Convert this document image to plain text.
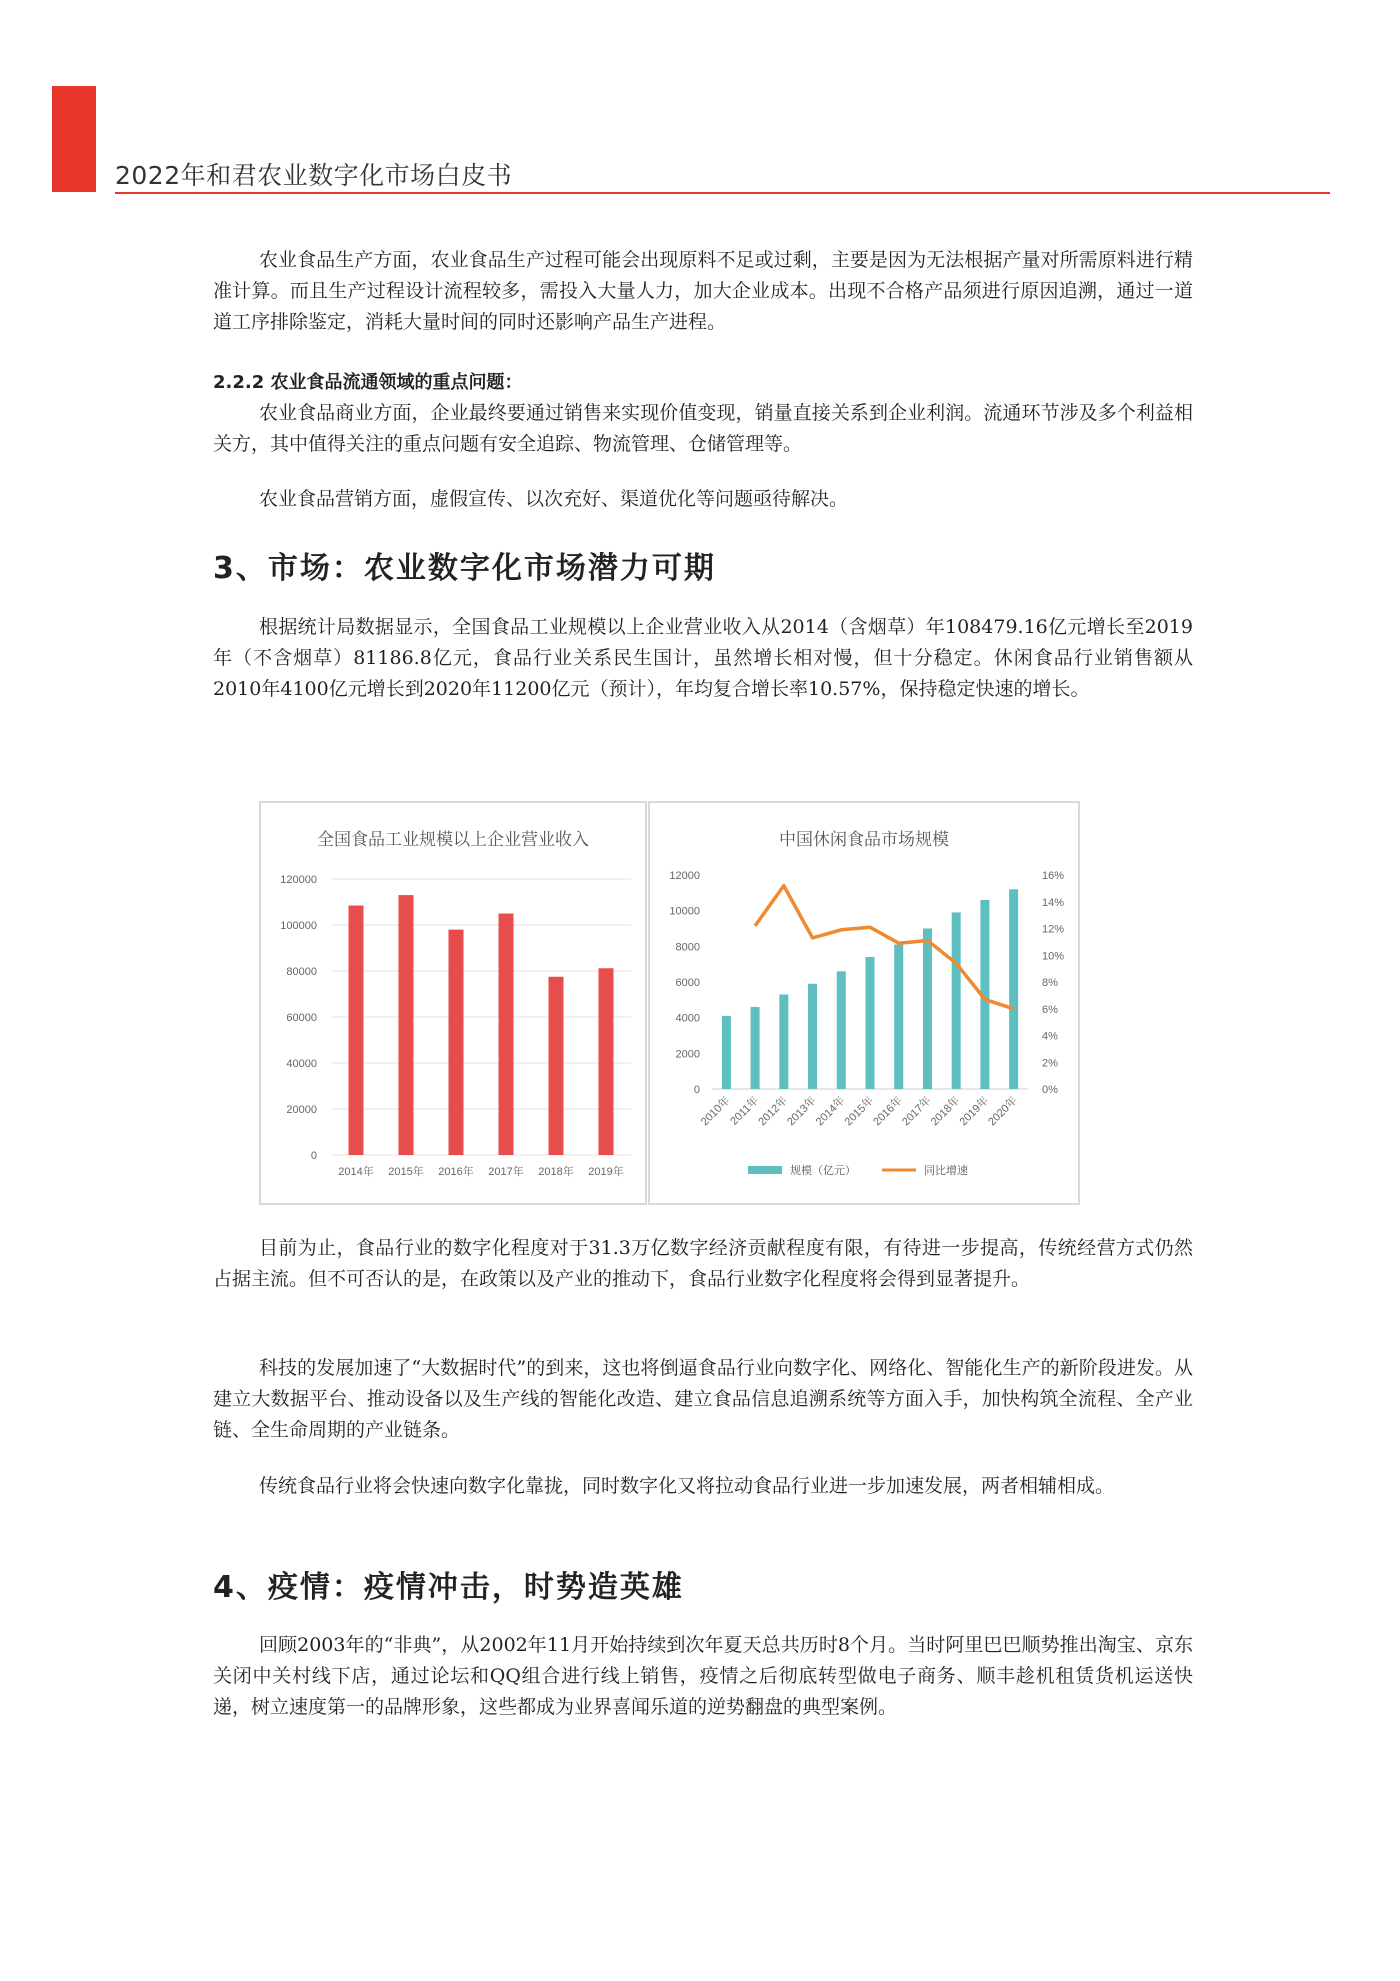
2022年和君农业数字化市场白皮书

农业食品生产方面，农业食品生产过程可能会出现原料不足或过剩，主要是因为无法根据产量对所需原料进行精准计算。而且生产过程设计流程较多，需投入大量人力，加大企业成本。出现不合格产品须进行原因追溯，通过一道道工序排除鉴定，消耗大量时间的同时还影响产品生产进程。

2.2.2 农业食品流通领域的重点问题：

农业食品商业方面，企业最终要通过销售来实现价值变现，销量直接关系到企业利润。流通环节涉及多个利益相关方，其中值得关注的重点问题有安全追踪、物流管理、仓储管理等。

农业食品营销方面，虚假宣传、以次充好、渠道优化等问题亟待解决。

3、市场：农业数字化市场潜力可期

根据统计局数据显示，全国食品工业规模以上企业营业收入从2014（含烟草）年108479.16亿元增长至2019年（不含烟草）81186.8亿元，食品行业关系民生国计，虽然增长相对慢，但十分稳定。休闲食品行业销售额从2010年4100亿元增长到2020年11200亿元（预计），年均复合增长率10.57%，保持稳定快速的增长。

全国食品工业规模以上企业营业收入
0
20000
40000
60000
80000
100000
120000
2014年 2015年 2016年 2017年 2018年 2019年
中国休闲食品市场规模
0
2000
4000
6000
8000
10000
12000
0%
2%
4%
6%
8%
10%
12%
14%
16%
2010年
2011年
2012年
2013年
2014年
2015年
2016年
2017年
2018年
2019年
2020年
规模（亿元）	同比增速

目前为止，食品行业的数字化程度对于31.3万亿数字经济贡献程度有限，有待进一步提高，传统经营方式仍然占据主流。但不可否认的是，在政策以及产业的推动下，食品行业数字化程度将会得到显著提升。

科技的发展加速了“大数据时代”的到来，这也将倒逼食品行业向数字化、网络化、智能化生产的新阶段进发。从建立大数据平台、推动设备以及生产线的智能化改造、建立食品信息追溯系统等方面入手，加快构筑全流程、全产业链、全生命周期的产业链条。

传统食品行业将会快速向数字化靠拢，同时数字化又将拉动食品行业进一步加速发展，两者相辅相成。

4、疫情：疫情冲击，时势造英雄

回顾2003年的“非典”，从2002年11月开始持续到次年夏天总共历时8个月。当时阿里巴巴顺势推出淘宝、京东关闭中关村线下店，通过论坛和QQ组合进行线上销售，疫情之后彻底转型做电子商务、顺丰趁机租赁货机运送快递，树立速度第一的品牌形象，这些都成为业界喜闻乐道的逆势翻盘的典型案例。
